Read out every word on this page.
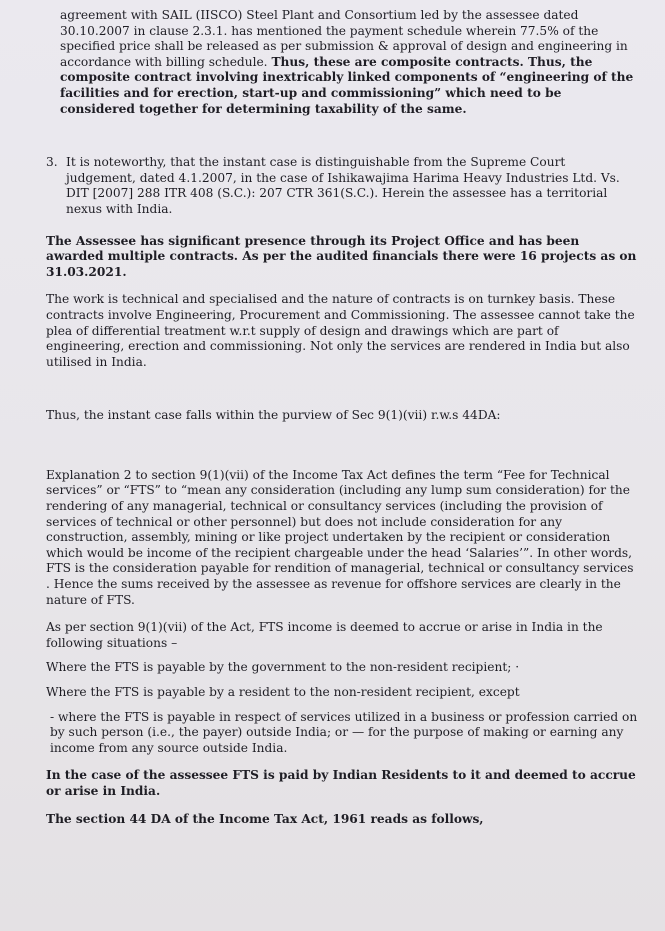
agreement with SAIL (IISCO) Steel Plant and Consortium led by the assessee dated 30.10.2007 in clause 2.3.1. has mentioned the payment schedule wherein 77.5% of the specified price shall be released as per submission & approval of design and engineering in accordance with billing schedule. Thus, these are composite contracts. Thus, the composite contract involving inextricably linked components of “engineering of the facilities and for erection, start-up and commissioning” which need to be considered together for determining taxability of the same.

3. It is noteworthy, that the instant case is distinguishable from the Supreme Court judgement, dated 4.1.2007, in the case of Ishikawajima Harima Heavy Industries Ltd. Vs. DIT [2007] 288 ITR 408 (S.C.): 207 CTR 361(S.C.). Herein the assessee has a territorial nexus with India.

The Assessee has significant presence through its Project Office and has been awarded multiple contracts. As per the audited financials there were 16 projects as on 31.03.2021.

The work is technical and specialised and the nature of contracts is on turnkey basis. These contracts involve Engineering, Procurement and Commissioning. The assessee cannot take the plea of differential treatment w.r.t supply of design and drawings which are part of engineering, erection and commissioning. Not only the services are rendered in India but also utilised in India.

Thus, the instant case falls within the purview of Sec 9(1)(vii) r.w.s 44DA:

Explanation 2 to section 9(1)(vii) of the Income Tax Act defines the term “Fee for Technical services” or “FTS” to “mean any consideration (including any lump sum consideration) for the rendering of any managerial, technical or consultancy services (including the provision of services of technical or other personnel) but does not include consideration for any construction, assembly, mining or like project undertaken by the recipient or consideration which would be income of the recipient chargeable under the head ‘Salaries’”. In other words, FTS is the consideration payable for rendition of managerial, technical or consultancy services . Hence the sums received by the assessee as revenue for offshore services are clearly in the nature of FTS.

As per section 9(1)(vii) of the Act, FTS income is deemed to accrue or arise in India in the following situations –

Where the FTS is payable by the government to the non-resident recipient; ·

Where the FTS is payable by a resident to the non-resident recipient, except

- where the FTS is payable in respect of services utilized in a business or profession carried on by such person (i.e., the payer) outside India; or — for the purpose of making or earning any income from any source outside India.

In the case of the assessee FTS is paid by Indian Residents to it and deemed to accrue or arise in India.

The section 44 DA of the Income Tax Act, 1961 reads as follows,
